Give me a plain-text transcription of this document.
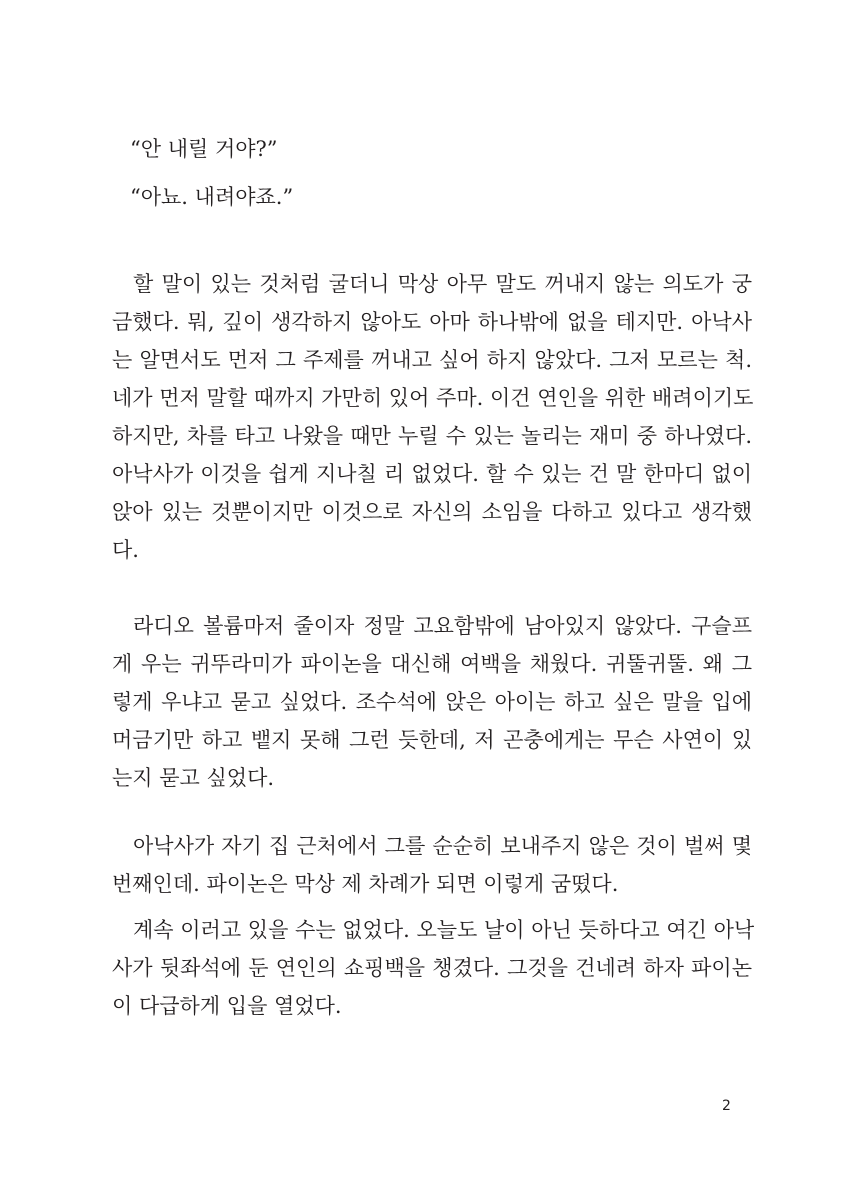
“안 내릴 거야?”
“아뇨. 내려야죠.”
할 말이 있는 것처럼 굴더니 막상 아무 말도 꺼내지 않는 의도가 궁
금했다. 뭐, 깊이 생각하지 않아도 아마 하나밖에 없을 테지만. 아낙사
는 알면서도 먼저 그 주제를 꺼내고 싶어 하지 않았다. 그저 모르는 척.
네가 먼저 말할 때까지 가만히 있어 주마. 이건 연인을 위한 배려이기도
하지만, 차를 타고 나왔을 때만 누릴 수 있는 놀리는 재미 중 하나였다.
아낙사가 이것을 쉽게 지나칠 리 없었다. 할 수 있는 건 말 한마디 없이
앉아 있는 것뿐이지만 이것으로 자신의 소임을 다하고 있다고 생각했
다.
라디오 볼륨마저 줄이자 정말 고요함밖에 남아있지 않았다. 구슬프
게 우는 귀뚜라미가 파이논을 대신해 여백을 채웠다. 귀뚤귀뚤. 왜 그
렇게 우냐고 묻고 싶었다. 조수석에 앉은 아이는 하고 싶은 말을 입에
머금기만 하고 뱉지 못해 그런 듯한데, 저 곤충에게는 무슨 사연이 있
는지 묻고 싶었다.
아낙사가 자기 집 근처에서 그를 순순히 보내주지 않은 것이 벌써 몇
번째인데. 파이논은 막상 제 차례가 되면 이렇게 굼떴다.
계속 이러고 있을 수는 없었다. 오늘도 날이 아닌 듯하다고 여긴 아낙
사가 뒷좌석에 둔 연인의 쇼핑백을 챙겼다. 그것을 건네려 하자 파이논
이 다급하게 입을 열었다.
2
